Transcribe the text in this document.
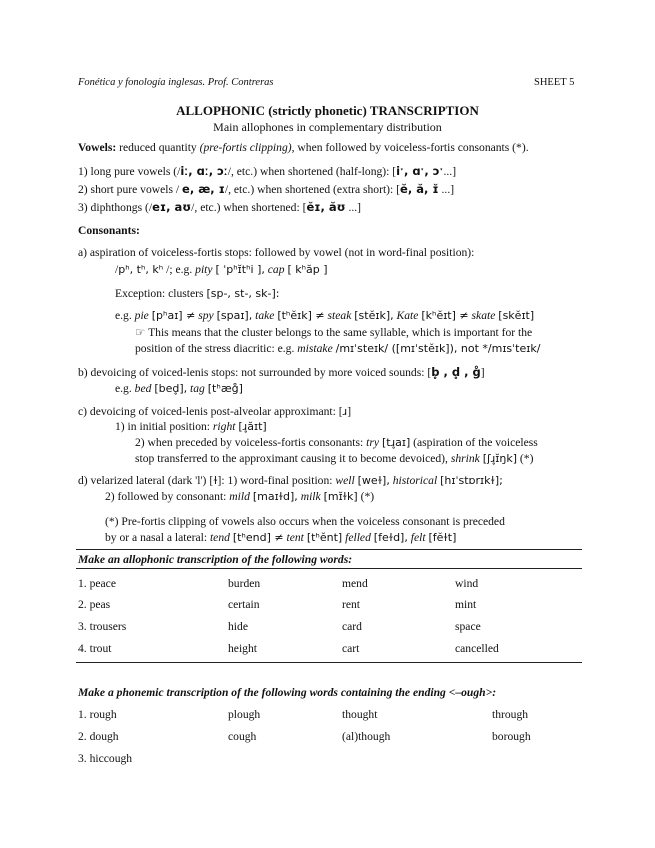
Fonética y fonología inglesas. Prof. Contreras	SHEET 5
ALLOPHONIC (strictly phonetic) TRANSCRIPTION
Main allophones in complementary distribution
Vowels: reduced quantity (pre-fortis clipping), when followed by voiceless-fortis consonants (*).
1) long pure vowels (/iː, ɑː, ɔː/, etc.) when shortened (half-long): [iˑ, ɑˑ, ɔˑ...]
2) short pure vowels / e, æ, ɪ/, etc.) when shortened (extra short): [ĕ, ӑ, ɪ̆ ...]
3) diphthongs (/eɪ, aʊ/, etc.) when shortened: [ĕɪ, ӑʊ ...]
Consonants:
a) aspiration of voiceless-fortis stops: followed by vowel (not in word-final position):
/pʰ, tʰ, kʰ /; e.g. pity [ ˈpʰɪ̆tʰi ], cap [ kʰӑp ]
Exception: clusters [sp-, st-, sk-]:
e.g. pie [pʰaɪ] ≠ spy [spaɪ], take [tʰĕɪk] ≠ steak [stĕɪk], Kate [kʰĕɪt] ≠ skate [skĕɪt]
☞ This means that the cluster belongs to the same syllable, which is important for the
position of the stress diacritic: e.g. mistake /mɪˈsteɪk/ ([mɪˈstĕɪk]), not */mɪsˈteɪk/
b) devoicing of voiced-lenis stops: not surrounded by more voiced sounds: [b̥ , d̥ , g̊]
e.g. bed [bed̥], tag [tʰæg̊]
c) devoicing of voiced-lenis post-alveolar approximant: [ɹ]
1) in initial position: right [ɹ̥ӑɪt]
2) when preceded by voiceless-fortis consonants: try [tɹ̥aɪ] (aspiration of the voiceless
stop transferred to the approximant causing it to become devoiced), shrink [ʃɹ̥ɪ̆ŋk] (*)
d) velarized lateral (dark 'l') [ɫ]: 1) word-final position: well [weɫ], historical [hɪˈstɒrɪkɫ];
2) followed by consonant: mild [maɪɫd], milk [mɪ̆ɫk] (*)
(*) Pre-fortis clipping of vowels also occurs when the voiceless consonant is preceded
by or a nasal a lateral: tend [tʰend] ≠ tent [tʰĕnt] felled [feɫd], felt [fĕɫt]
Make an allophonic transcription of the following words:
1. peace	burden	mend	wind
2. peas	certain	rent	mint
3. trousers	hide	card	space
4. trout	height	cart	cancelled
Make a phonemic transcription of the following words containing the ending <–ough>:
1. rough	plough	thought	through
2. dough	cough	(al)though	borough
3. hiccough
